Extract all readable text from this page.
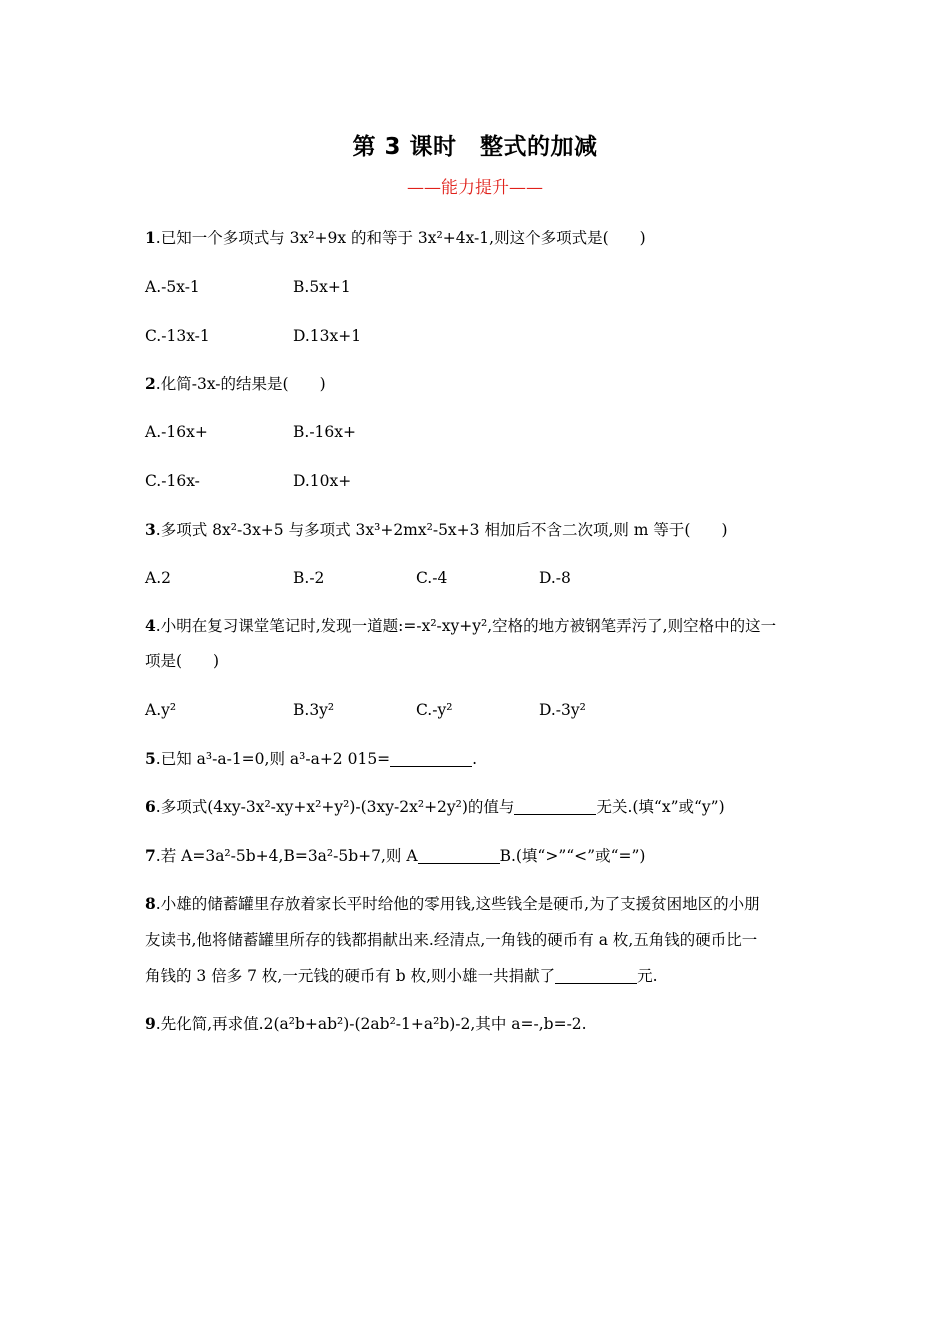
第 3 课时　整式的加减
——能力提升——
1.已知一个多项式与 3x²+9x 的和等于 3x²+4x-1,则这个多项式是(　　)
A.-5x-1	B.5x+1
C.-13x-1	D.13x+1
2.化简-3x-的结果是(　　)
A.-16x+	B.-16x+
C.-16x-	D.10x+
3.多项式 8x²-3x+5 与多项式 3x³+2mx²-5x+3 相加后不含二次项,则 m 等于(　　)
A.2	B.-2	C.-4	D.-8
4.小明在复习课堂笔记时,发现一道题:=-x²-xy+y²,空格的地方被钢笔弄污了,则空格中的这一
项是(　　)
A.y²	B.3y²	C.-y²	D.-3y²
5.已知 a³-a-1=0,则 a³-a+2 015=	.
6.多项式(4xy-3x²-xy+x²+y²)-(3xy-2x²+2y²)的值与	无关.(填“x”或“y”)
7.若 A=3a²-5b+4,B=3a²-5b+7,则 A	B.(填“>”“<”或“=”)
8.小雄的储蓄罐里存放着家长平时给他的零用钱,这些钱全是硬币,为了支援贫困地区的小朋
友读书,他将储蓄罐里所存的钱都捐献出来.经清点,一角钱的硬币有 a 枚,五角钱的硬币比一
角钱的 3 倍多 7 枚,一元钱的硬币有 b 枚,则小雄一共捐献了	元.
9.先化简,再求值.2(a²b+ab²)-(2ab²-1+a²b)-2,其中 a=-,b=-2.
